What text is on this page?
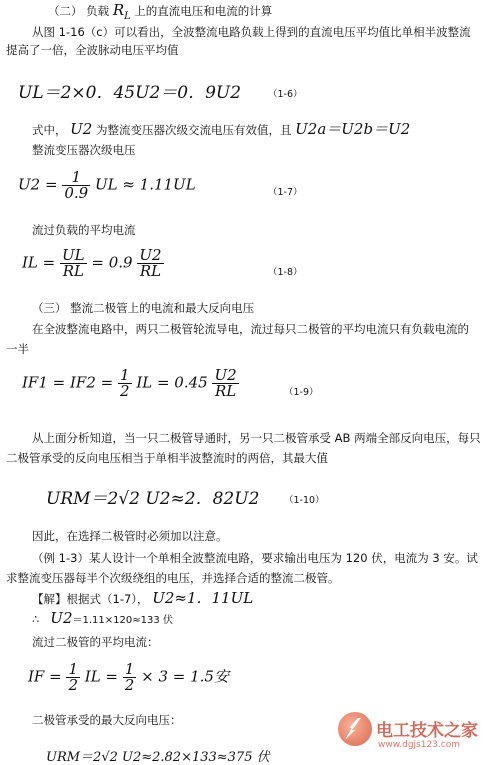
（二） 负载 $R_L$ 上的直流电压和电流的计算
从图 1-16（c）可以看出，全波整流电路负载上得到的直流电压平均值比单相半波整流
提高了一倍，全波脉动电压平均值
UL＝2×0．45U2＝0．9U2	（1-6）
式中， U2 为整流变压器次级交流电压有效值，且 U2a＝U2b＝U2
整流变压器次级电压
$U2 = \frac{1}{0.9}$ UL ≈ 1.11UL	（1-7）
流过负载的平均电流
IL = $\frac{UL}{RL} = 0.9 \frac{U2}{RL}$	（1-8）
（三） 整流二极管上的电流和最大反向电压
在全波整流电路中，两只二极管轮流导电，流过每只二极管的平均电流只有负载电流的
一半
$IF1 = IF2 = \frac{1}{2}$ IL = $0.45 \frac{U2}{RL}$	（1-9）
从上面分析知道，当一只二极管导通时，另一只二极管承受 AB 两端全部反向电压，每只
二极管承受的反向电压相当于单相半波整流时的两倍，其最大值
URM＝2√2 U2≈2．82U2	（1-10）
因此，在选择二极管时必须加以注意。
（例 1-3）某人设计一个单相全波整流电路，要求输出电压为 120 伏，电流为 3 安。试
求整流变压器每半个次级绕组的电压，并选择合适的整流二极管。
【解】根据式（1-7）， U2≈1．11UL
∴ U2＝1.11×120≈133 伏
流过二极管的平均电流：
IF = $\frac{1}{2}$ IL = $\frac{1}{2} \times 3 = 1.5$安
二极管承受的最大反向电压：
URM＝2√2 U2≈2.82×133≈375 伏
电工技术之家
www.dgjs123.com
